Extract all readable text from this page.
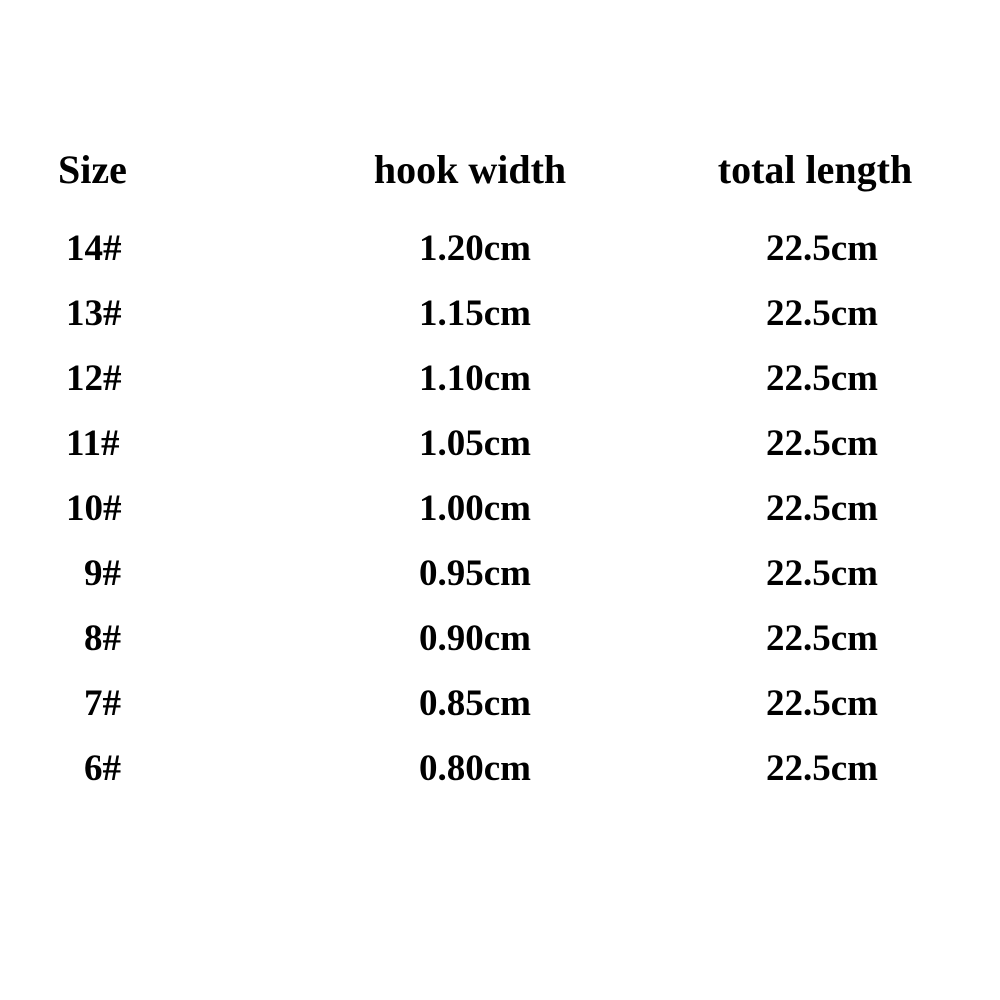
Size	hook width	total length
14#	1.20cm	22.5cm
13#	1.15cm	22.5cm
12#	1.10cm	22.5cm
11#	1.05cm	22.5cm
10#	1.00cm	22.5cm
9#	0.95cm	22.5cm
8#	0.90cm	22.5cm
7#	0.85cm	22.5cm
6#	0.80cm	22.5cm
